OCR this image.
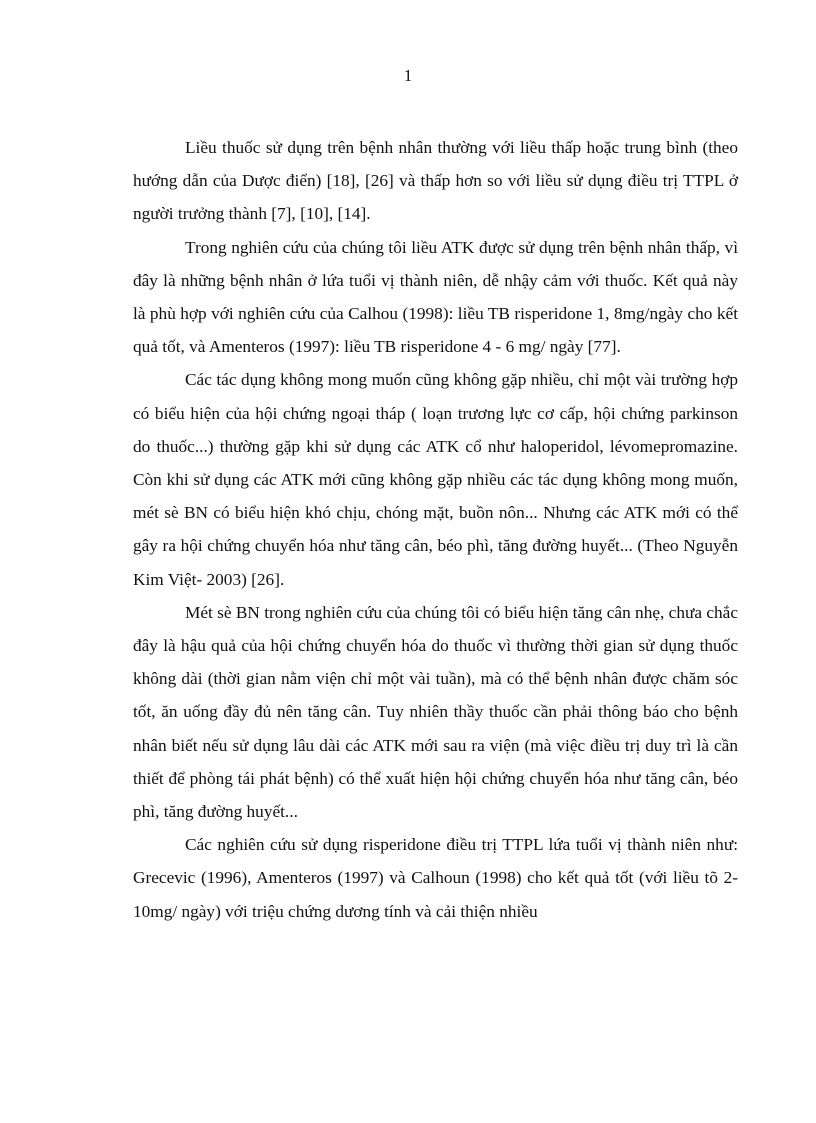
1

Liều thuốc sử dụng trên bệnh nhân thường với liều thấp hoặc trung bình (theo hướng dẫn của Dược điển) [18], [26] và thấp hơn so với liều sử dụng điều trị TTPL ở người trưởng thành [7], [10], [14].

Trong nghiên cứu của chúng tôi liều ATK được sử dụng trên bệnh nhân thấp, vì đây là những bệnh nhân ở lứa tuổi vị thành niên, dễ nhậy cảm với thuốc. Kết quả này là phù hợp với nghiên cứu của Calhou (1998): liều TB risperidone 1, 8mg/ngày cho kết quả tốt, và Amenteros (1997): liều TB risperidone 4 - 6 mg/ ngày [77].

Các tác dụng không mong muốn cũng không gặp nhiều, chỉ một vài trường hợp có biểu hiện của hội chứng ngoại tháp ( loạn trương lực cơ cấp, hội chứng parkinson do thuốc...) thường gặp khi sử dụng các ATK cổ như haloperidol, lévomepromazine. Còn khi sử dụng các ATK mới cũng không gặp nhiều các tác dụng không mong muốn, mét sè BN có biểu hiện khó chịu, chóng mặt, buồn nôn... Nhưng các ATK mới có thể gây ra hội chứng chuyển hóa như tăng cân, béo phì, tăng đường huyết... (Theo Nguyễn Kim Việt- 2003) [26].

Mét sè BN trong nghiên cứu của chúng tôi có biểu hiện tăng cân nhẹ, chưa chắc đây là hậu quả của hội chứng chuyển hóa do thuốc vì thường thời gian sử dụng thuốc không dài (thời gian nằm viện chỉ một vài tuần), mà có thể bệnh nhân được chăm sóc tốt, ăn uống đầy đủ nên tăng cân. Tuy nhiên thầy thuốc cần phải thông báo cho bệnh nhân biết nếu sử dụng lâu dài các ATK mới sau ra viện (mà việc điều trị duy trì là cần thiết để phòng tái phát bệnh) có thể xuất hiện hội chứng chuyển hóa như tăng cân, béo phì, tăng đường huyết...

Các nghiên cứu sử dụng risperidone điều trị TTPL lứa tuổi vị thành niên như: Grecevic (1996), Amenteros (1997) và Calhoun (1998) cho kết quả tốt (với liều tõ 2-10mg/ ngày) với triệu chứng dương tính và cải thiện nhiều
